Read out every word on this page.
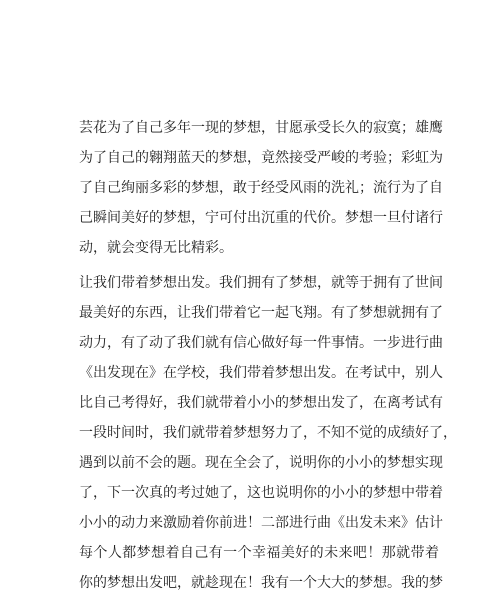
芸花为了自己多年一现的梦想，甘愿承受长久的寂寞；雄鹰
为了自己的翱翔蓝天的梦想，竟然接受严峻的考验；彩虹为
了自己绚丽多彩的梦想，敢于经受风雨的洗礼；流行为了自
己瞬间美好的梦想，宁可付出沉重的代价。梦想一旦付诸行
动，就会变得无比精彩。
让我们带着梦想出发。我们拥有了梦想，就等于拥有了世间
最美好的东西，让我们带着它一起飞翔。有了梦想就拥有了
动力，有了动了我们就有信心做好每一件事情。一步进行曲
《出发现在》在学校，我们带着梦想出发。在考试中，别人
比自己考得好，我们就带着小小的梦想出发了，在离考试有
一段时间时，我们就带着梦想努力了，不知不觉的成绩好了，
遇到以前不会的题。现在全会了，说明你的小小的梦想实现
了，下一次真的考过她了，这也说明你的小小的梦想中带着
小小的动力来激励着你前进！二部进行曲《出发未来》估计
每个人都梦想着自己有一个幸福美好的未来吧！那就带着
你的梦想出发吧，就趁现在！我有一个大大的梦想。我的梦
